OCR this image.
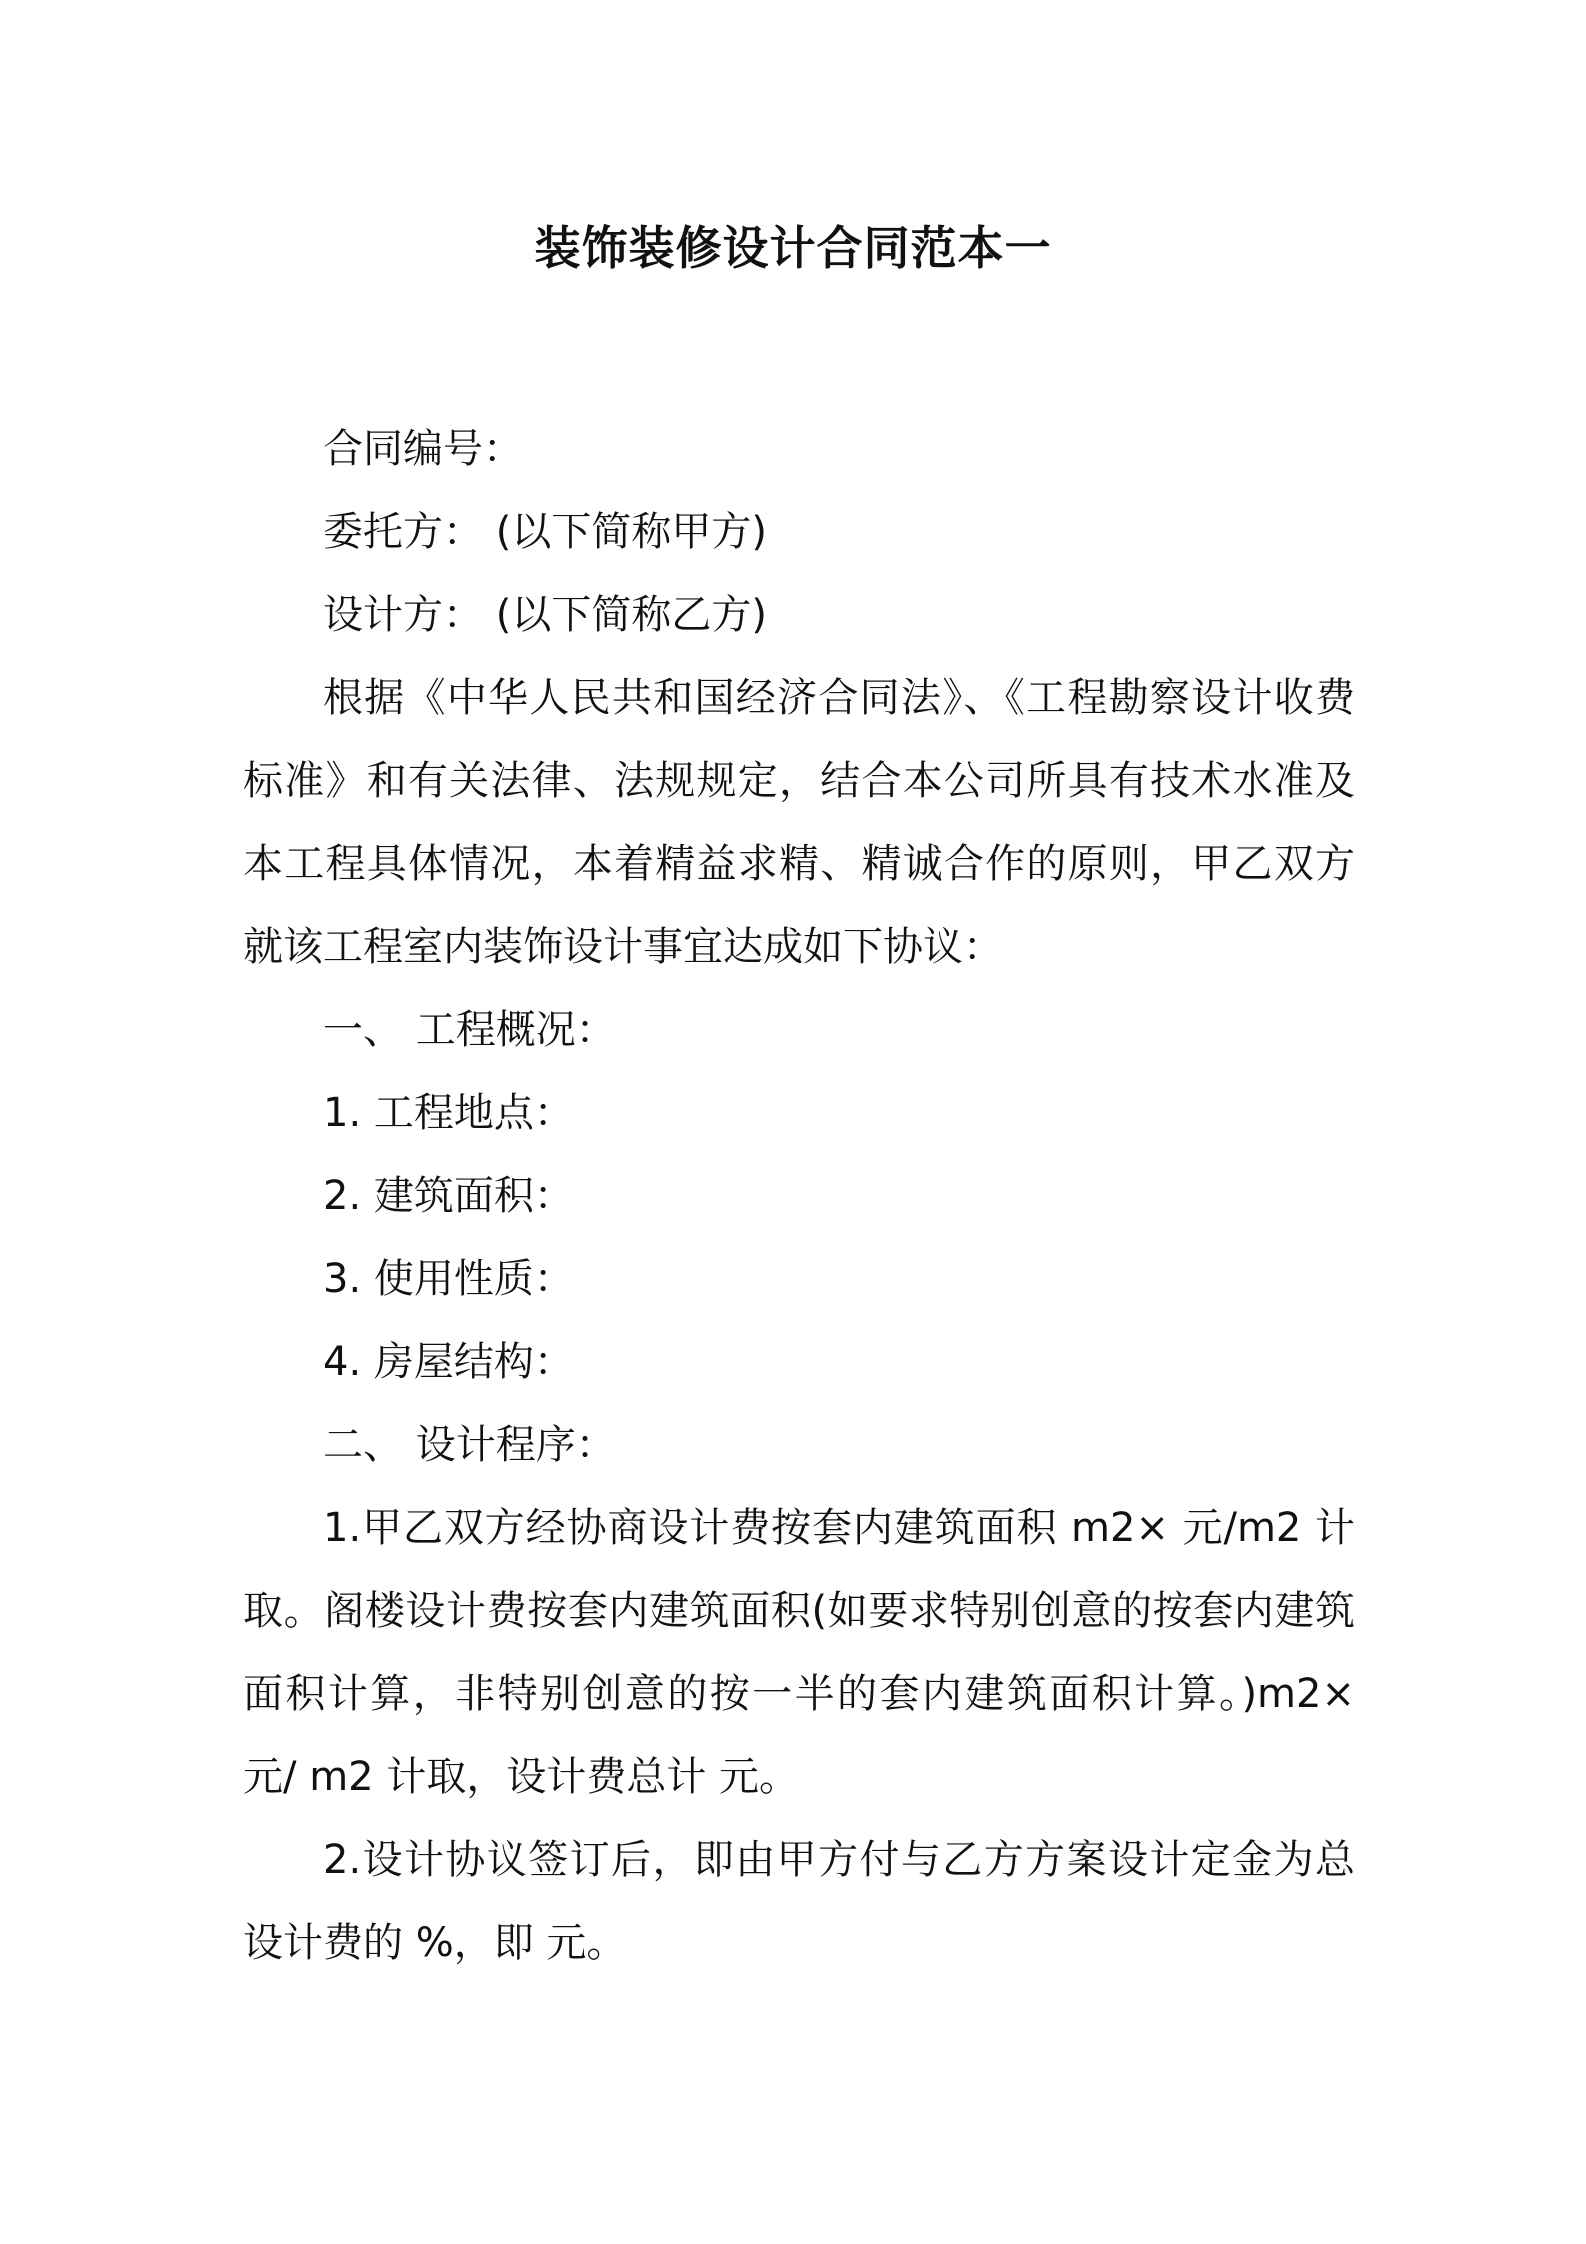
装饰装修设计合同范本一

合同编号：

委托方： (以下简称甲方)

设计方： (以下简称乙方)

根据《中华人民共和国经济合同法》、《工程勘察设计收费标准》和有关法律、法规规定，结合本公司所具有技术水准及本工程具体情况，本着精益求精、精诚合作的原则，甲乙双方就该工程室内装饰设计事宜达成如下协议：

一、 工程概况：

1. 工程地点：

2. 建筑面积：

3. 使用性质：

4. 房屋结构：

二、 设计程序：

1.甲乙双方经协商设计费按套内建筑面积 m2× 元/m2 计取。阁楼设计费按套内建筑面积(如要求特别创意的按套内建筑面积计算，非特别创意的按一半的套内建筑面积计算。)m2× 元/ m2 计取，设计费总计 元。

2.设计协议签订后，即由甲方付与乙方方案设计定金为总设计费的 %，即 元。
